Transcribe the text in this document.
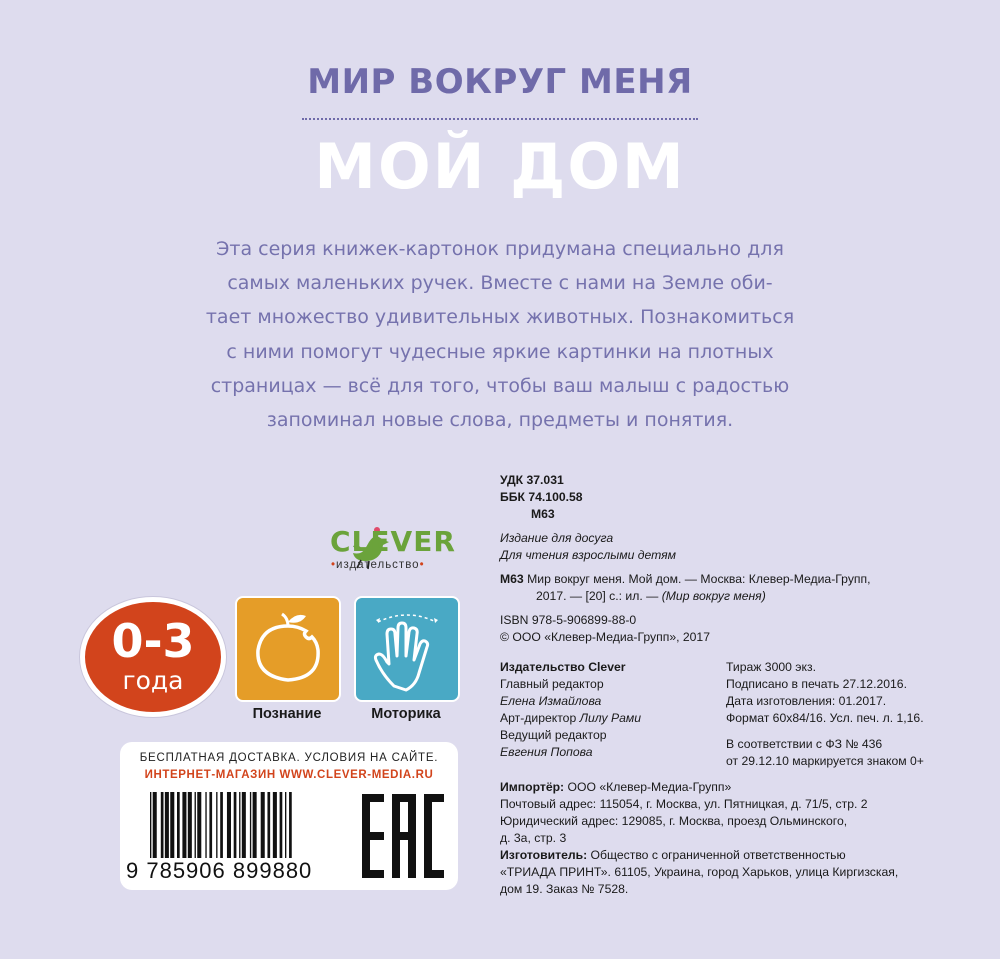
МИР ВОКРУГ МЕНЯ
МОЙ ДОМ
Эта серия книжек-картонок придумана специально для
самых маленьких ручек. Вместе с нами на Земле оби-
тает множество удивительных животных. Познакомиться
с ними помогут чудесные яркие картинки на плотных
страницах — всё для того, чтобы ваш малыш с радостью
запоминал новые слова, предметы и понятия.
CLEVER
•издательство•
0-3
года
Познание	Моторика
БЕСПЛАТНАЯ ДОСТАВКА. УСЛОВИЯ НА САЙТЕ.
ИНТЕРНЕТ-МАГАЗИН WWW.CLEVER-MEDIA.RU
9 785906 899880
УДК 37.031
ББК 74.100.58
М63
Издание для досуга
Для чтения взрослыми детям
М63 Мир вокруг меня. Мой дом. — Москва: Клевер-Медиа-Групп,
2017. — [20] с.: ил. — (Мир вокруг меня)
ISBN 978-5-906899-88-0
© ООО «Клевер-Медиа-Групп», 2017
Издательство Clever
Главный редактор
Елена Измайлова
Арт-директор Лилу Рами
Ведущий редактор
Евгения Попова
Тираж 3000 экз.
Подписано в печать 27.12.2016.
Дата изготовления: 01.2017.
Формат 60х84/16. Усл. печ. л. 1,16.
В соответствии с ФЗ № 436
от 29.12.10 маркируется знаком 0+
Импортёр: ООО «Клевер-Медиа-Групп»
Почтовый адрес: 115054, г. Москва, ул. Пятницкая, д. 71/5, стр. 2
Юридический адрес: 129085, г. Москва, проезд Ольминского,
д. 3а, стр. 3
Изготовитель: Общество с ограниченной ответственностью
«ТРИАДА ПРИНТ». 61105, Украина, город Харьков, улица Киргизская,
дом 19. Заказ № 7528.
